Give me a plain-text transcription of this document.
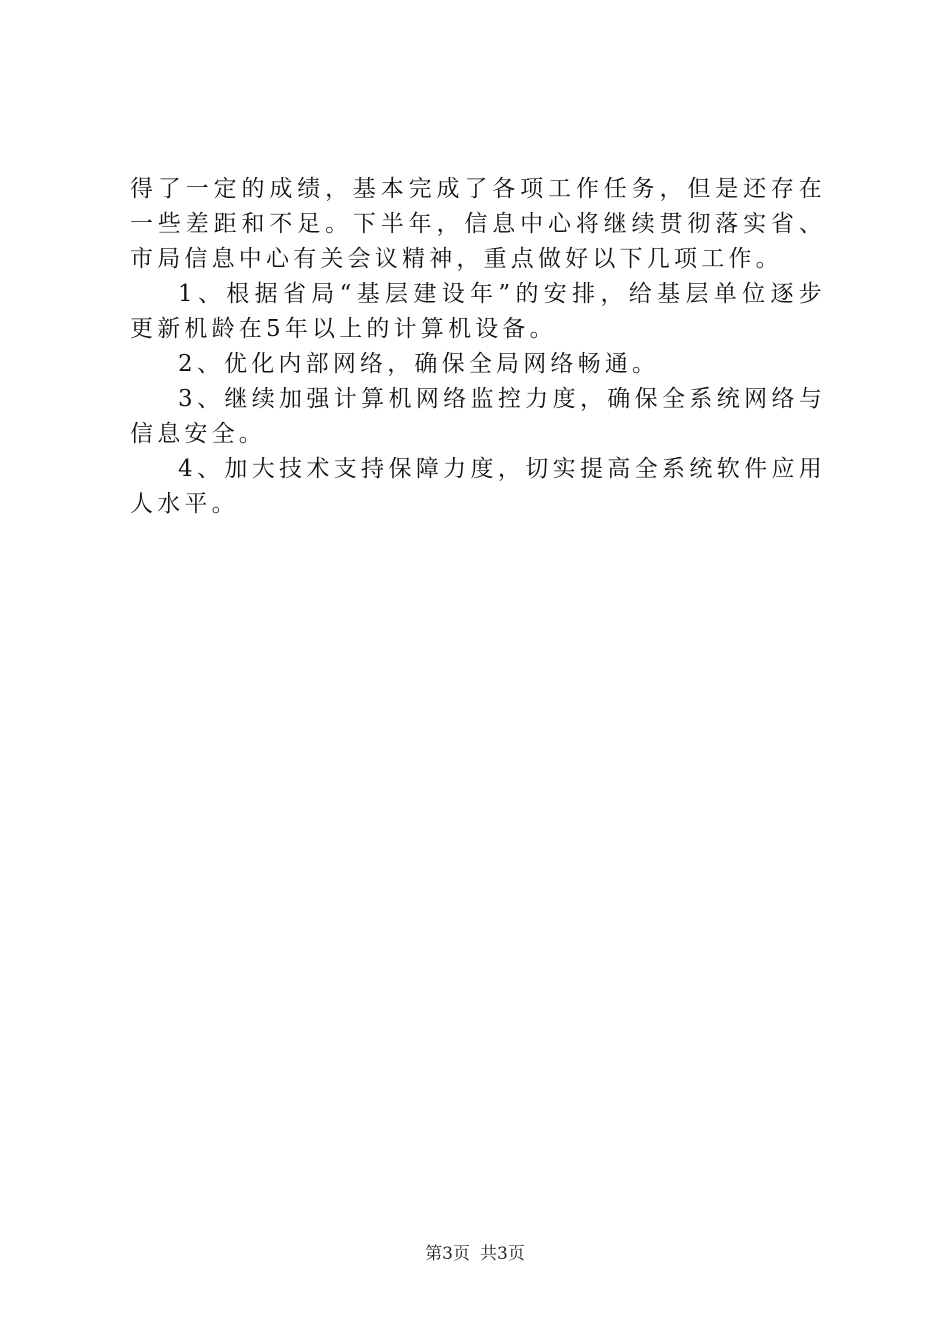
得了一定的成绩，基本完成了各项工作任务，但是还存在一些差距和不足。下半年，信息中心将继续贯彻落实省、市局信息中心有关会议精神，重点做好以下几项工作。

1、根据省局“基层建设年”的安排，给基层单位逐步更新机龄在5年以上的计算机设备。

2、优化内部网络，确保全局网络畅通。

3、继续加强计算机网络监控力度，确保全系统网络与信息安全。

4、加大技术支持保障力度，切实提高全系统软件应用人水平。

第3页 共3页
